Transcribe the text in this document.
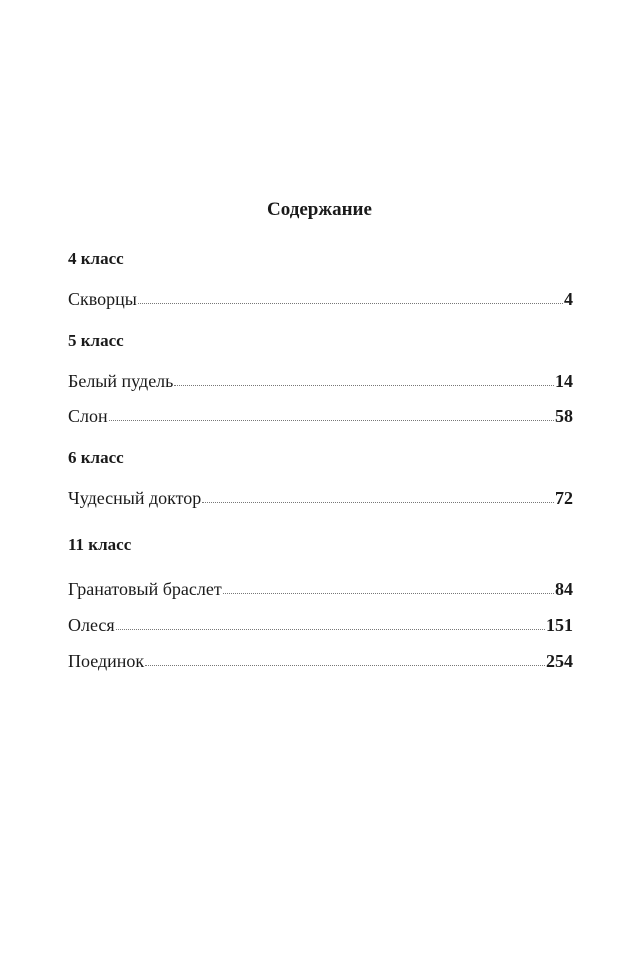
Содержание
4 класс
Скворцы	4
5 класс
Белый пудель	14
Слон	58
6 класс
Чудесный доктор	72
11 класс
Гранатовый браслет	84
Олеся	151
Поединок	254
